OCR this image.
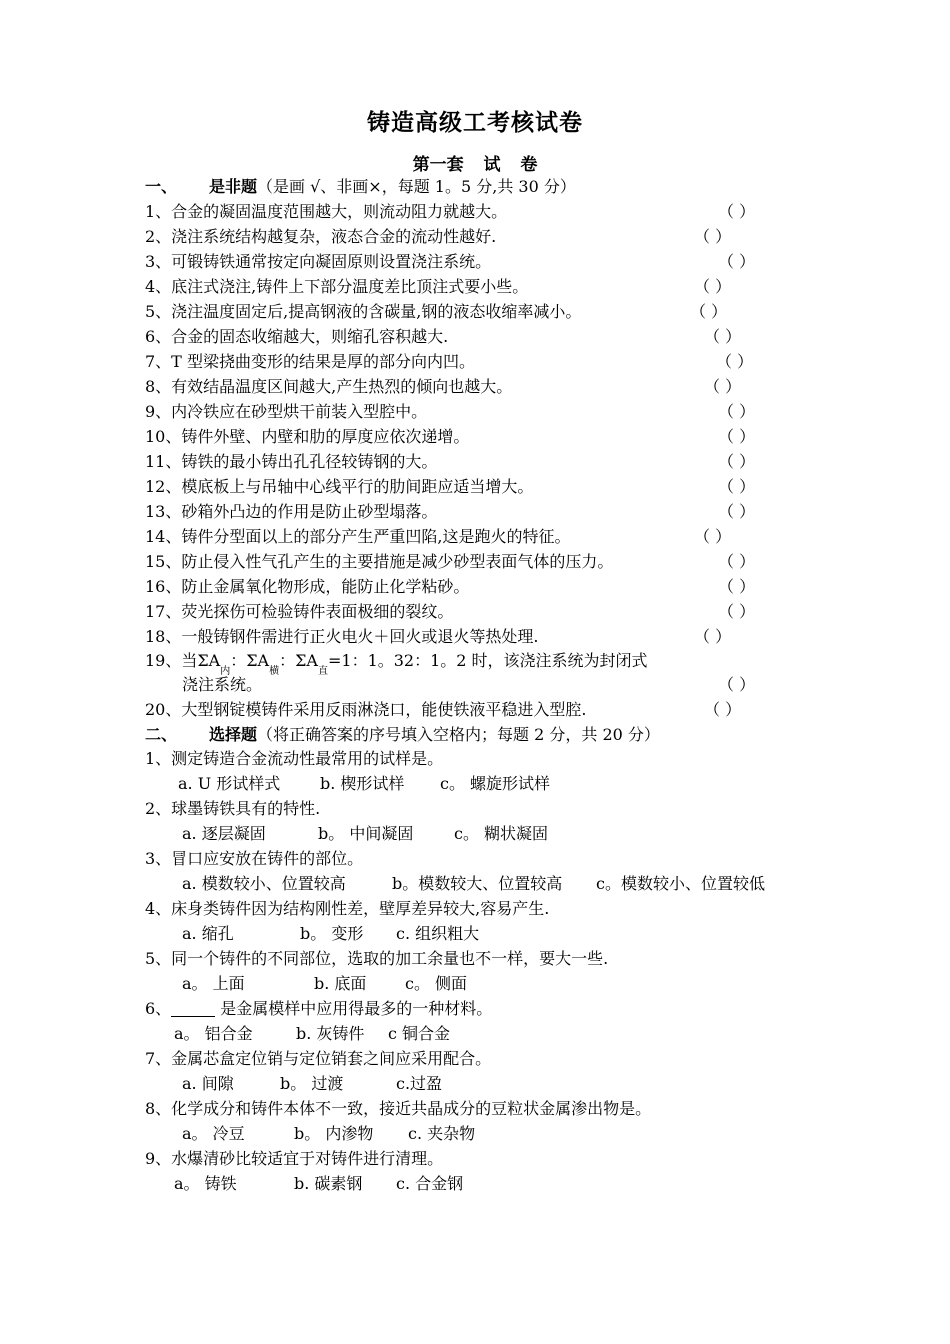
铸造高级工考核试卷
第一套 试 卷
一、 是非题（是画 √、非画×，每题 1。5 分,共 30 分）
1、合金的凝固温度范围越大，则流动阻力就越大。	（ ）
2、浇注系统结构越复杂，液态合金的流动性越好.	（ ）
3、可锻铸铁通常按定向凝固原则设置浇注系统。	（ ）
4、底注式浇注,铸件上下部分温度差比顶注式要小些。	（ ）
5、浇注温度固定后,提高钢液的含碳量,钢的液态收缩率减小。	（ ）
6、合金的固态收缩越大，则缩孔容积越大.	（ ）
7、T 型梁挠曲变形的结果是厚的部分向内凹。	（ ）
8、有效结晶温度区间越大,产生热烈的倾向也越大。	（ ）
9、内冷铁应在砂型烘干前装入型腔中。	（ ）
10、铸件外壁、内壁和肋的厚度应依次递增。	（ ）
11、铸铁的最小铸出孔孔径较铸钢的大。	（ ）
12、模底板上与吊轴中心线平行的肋间距应适当增大。	（ ）
13、砂箱外凸边的作用是防止砂型塌落。	（ ）
14、铸件分型面以上的部分产生严重凹陷,这是跑火的特征。	（ ）
15、防止侵入性气孔产生的主要措施是减少砂型表面气体的压力。	（ ）
16、防止金属氧化物形成，能防止化学粘砂。	（ ）
17、荧光探伤可检验铸件表面极细的裂纹。	（ ）
18、一般铸钢件需进行正火电火＋回火或退火等热处理.	（ ）
19、当$\Sigma A_内$：$\Sigma A_横$：$\Sigma A_直=1$：1。32：1。2 时，该浇注系统为封闭式
浇注系统。	（ ）
20、大型钢锭模铸件采用反雨淋浇口，能使铁液平稳进入型腔.	（ ）
二、 选择题（将正确答案的序号填入空格内；每题 2 分，共 20 分）
1、测定铸造合金流动性最常用的试样是。
a. U 形试样式 b. 楔形试样 c。 螺旋形试样
2、球墨铸铁具有的特性.
a. 逐层凝固	b。 中间凝固	c。 糊状凝固
3、冒口应安放在铸件的部位。
a. 模数较小、位置较高	b。模数较大、位置较高 c。模数较小、位置较低
4、床身类铸件因为结构刚性差，壁厚差异较大,容易产生.
a. 缩孔	b。 变形 c. 组织粗大
5、同一个铸件的不同部位，选取的加工余量也不一样，要大一些.
a。 上面	b. 底面 c。 侧面
6、	是金属模样中应用得最多的一种材料。
a。 铝合金	b. 灰铸件 c 铜合金
7、金属芯盒定位销与定位销套之间应采用配合。
a. 间隙	b。 过渡	c.过盈
8、化学成分和铸件本体不一致，接近共晶成分的豆粒状金属渗出物是。
a。 冷豆	b。 内渗物 c. 夹杂物
9、水爆清砂比较适宜于对铸件进行清理。
a。 铸铁	b. 碳素钢 c. 合金钢
